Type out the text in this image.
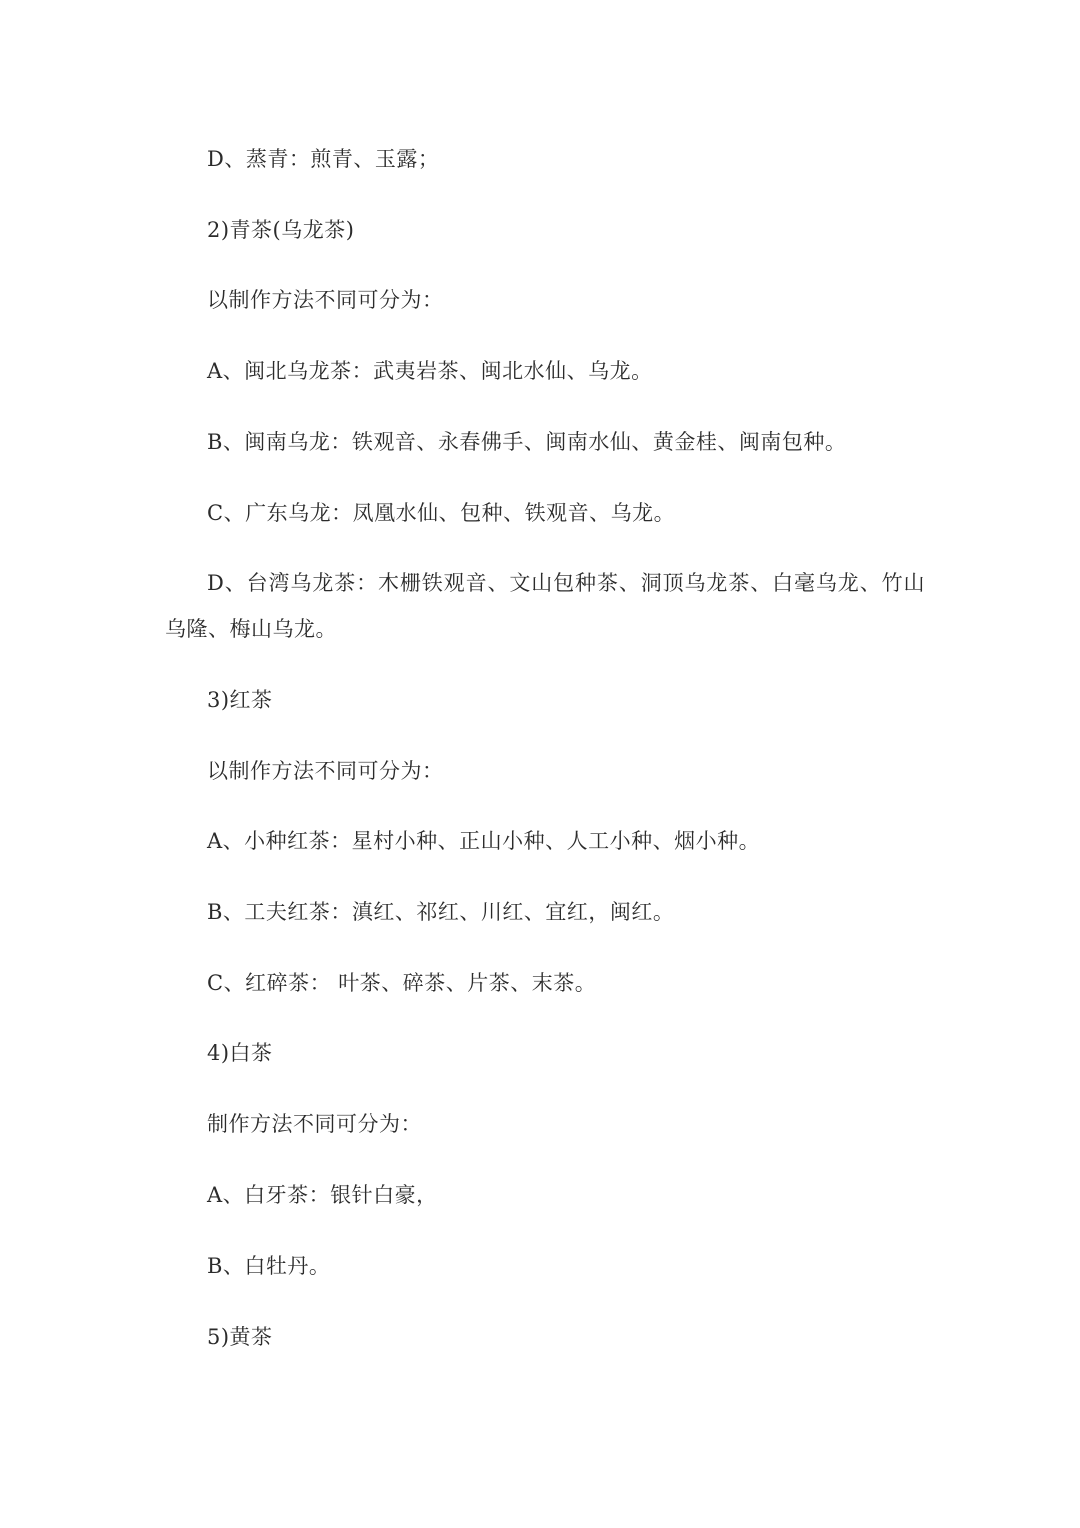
D、蒸青：煎青、玉露；
2)青茶(乌龙茶)
以制作方法不同可分为：
A、闽北乌龙茶：武夷岩茶、闽北水仙、乌龙。
B、闽南乌龙：铁观音、永春佛手、闽南水仙、黄金桂、闽南包种。
C、广东乌龙：凤凰水仙、包种、铁观音、乌龙。
D、台湾乌龙茶：木栅铁观音、文山包种茶、洞顶乌龙茶、白毫乌龙、竹山乌隆、梅山乌龙。
3)红茶
以制作方法不同可分为：
A、小种红茶：星村小种、正山小种、人工小种、烟小种。
B、工夫红茶：滇红、祁红、川红、宜红，闽红。
C、红碎茶： 叶茶、碎茶、片茶、末茶。
4)白茶
制作方法不同可分为：
A、白牙茶：银针白豪，
B、白牡丹。
5)黄茶
